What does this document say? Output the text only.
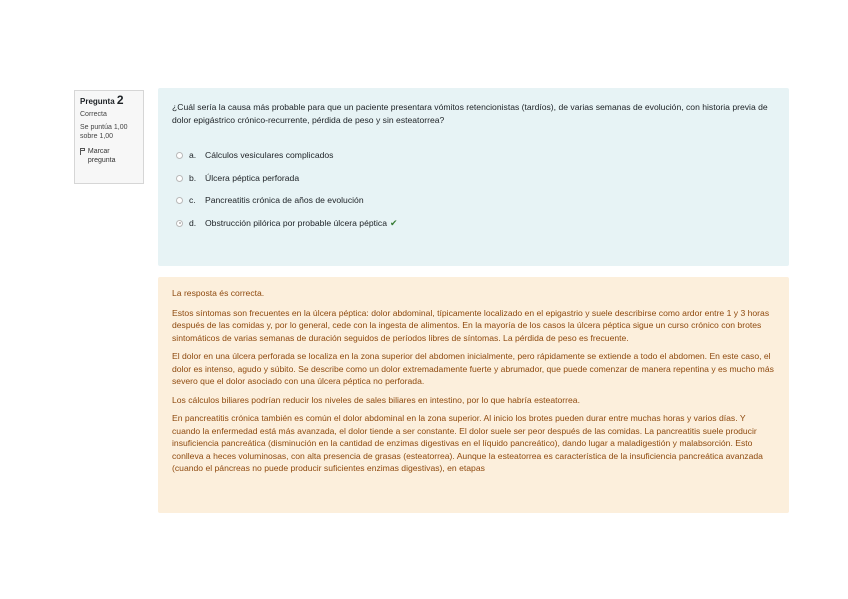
Pregunta 2
Correcta
Se puntúa 1,00 sobre 1,00
Marcar pregunta
¿Cuál sería la causa más probable para que un paciente presentara vómitos retencionistas (tardíos), de varias semanas de evolución, con historia previa de dolor epigástrico crónico-recurrente, pérdida de peso y sin esteatorrea?
a.	Cálculos vesiculares complicados
b.	Úlcera péptica perforada
c.	Pancreatitis crónica de años de evolución
d.	Obstrucción pilórica por probable úlcera péptica ✔

La resposta és correcta.

Estos síntomas son frecuentes en la úlcera péptica: dolor abdominal, típicamente localizado en el epigastrio y suele describirse como ardor entre 1 y 3 horas después de las comidas y, por lo general, cede con la ingesta de alimentos. En la mayoría de los casos la úlcera péptica sigue un curso crónico con brotes sintomáticos de varias semanas de duración seguidos de períodos libres de síntomas. La pérdida de peso es frecuente.

El dolor en una úlcera perforada se localiza en la zona superior del abdomen inicialmente, pero rápidamente se extiende a todo el abdomen. En este caso, el dolor es intenso, agudo y súbito. Se describe como un dolor extremadamente fuerte y abrumador, que puede comenzar de manera repentina y es mucho más severo que el dolor asociado con una úlcera péptica no perforada.

Los cálculos biliares podrían reducir los niveles de sales biliares en intestino, por lo que habría esteatorrea.

En pancreatitis crónica también es común el dolor abdominal en la zona superior. Al inicio los brotes pueden durar entre muchas horas y varios días. Y cuando la enfermedad está más avanzada, el dolor tiende a ser constante. El dolor suele ser peor después de las comidas. La pancreatitis suele producir insuficiencia pancreática (disminución en la cantidad de enzimas digestivas en el líquido pancreático), dando lugar a maladigestión y malabsorción. Esto conlleva a heces voluminosas, con alta presencia de grasas (esteatorrea). Aunque la esteatorrea es característica de la insuficiencia pancreática avanzada (cuando el páncreas no puede producir suficientes enzimas digestivas), en etapas
